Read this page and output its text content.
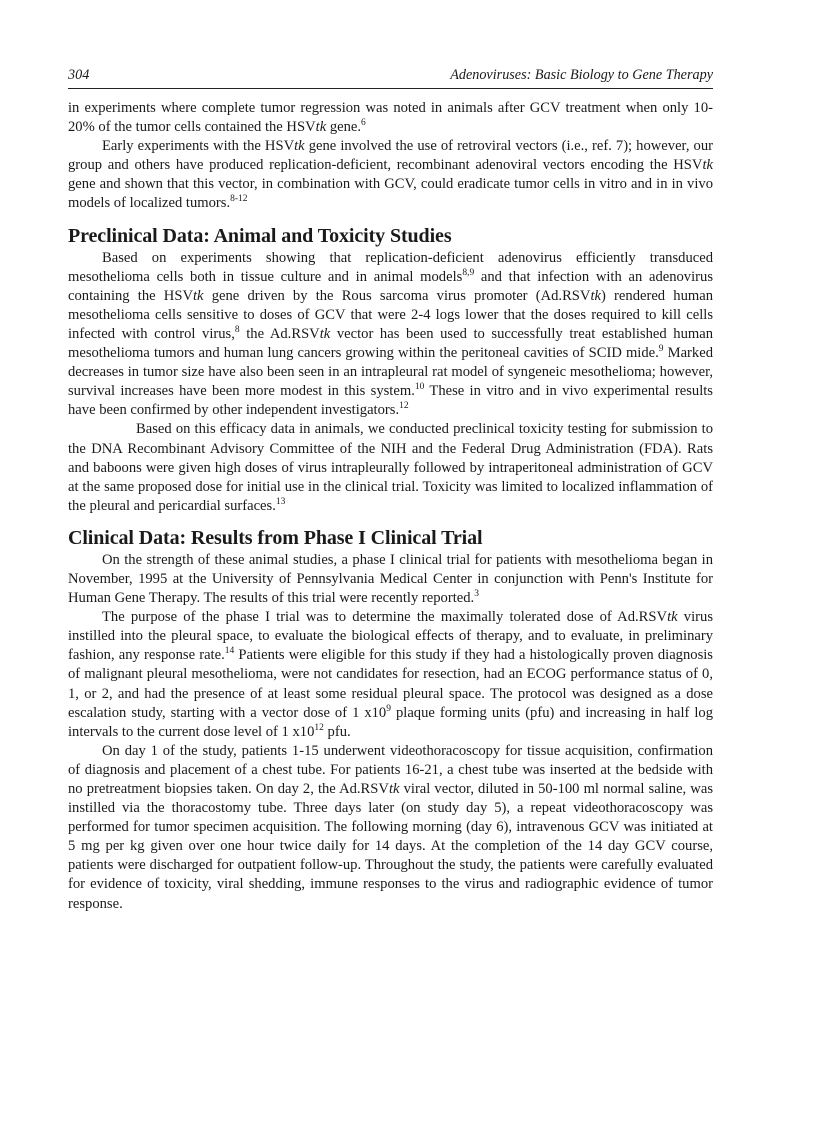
304	Adenoviruses: Basic Biology to Gene Therapy

in experiments where complete tumor regression was noted in animals after GCV treatment when only 10-20% of the tumor cells contained the HSVtk gene.$^6$

Early experiments with the HSVtk gene involved the use of retroviral vectors (i.e., ref. 7); however, our group and others have produced replication-deficient, recombinant adenoviral vectors encoding the HSVtk gene and shown that this vector, in combination with GCV, could eradicate tumor cells in vitro and in in vivo models of localized tumors.$^{8-12}$

Preclinical Data: Animal and Toxicity Studies

Based on experiments showing that replication-deficient adenovirus efficiently transduced mesothelioma cells both in tissue culture and in animal models$^{8,9}$ and that infection with an adenovirus containing the HSVtk gene driven by the Rous sarcoma virus promoter (Ad.RSVtk) rendered human mesothelioma cells sensitive to doses of GCV that were 2-4 logs lower that the doses required to kill cells infected with control virus,$^8$ the Ad.RSVtk vector has been used to successfully treat established human mesothelioma tumors and human lung cancers growing within the peritoneal cavities of SCID mide.$^9$ Marked decreases in tumor size have also been seen in an intrapleural rat model of syngeneic mesothelioma; however, survival increases have been more modest in this system.$^{10}$ These in vitro and in vivo experimental results have been confirmed by other independent investigators.$^{12}$

Based on this efficacy data in animals, we conducted preclinical toxicity testing for submission to the DNA Recombinant Advisory Committee of the NIH and the Federal Drug Administration (FDA). Rats and baboons were given high doses of virus intrapleurally followed by intraperitoneal administration of GCV at the same proposed dose for initial use in the clinical trial. Toxicity was limited to localized inflammation of the pleural and pericardial surfaces.$^{13}$

Clinical Data: Results from Phase I Clinical Trial

On the strength of these animal studies, a phase I clinical trial for patients with mesothelioma began in November, 1995 at the University of Pennsylvania Medical Center in conjunction with Penn's Institute for Human Gene Therapy. The results of this trial were recently reported.$^3$

The purpose of the phase I trial was to determine the maximally tolerated dose of Ad.RSVtk virus instilled into the pleural space, to evaluate the biological effects of therapy, and to evaluate, in preliminary fashion, any response rate.$^{14}$ Patients were eligible for this study if they had a histologically proven diagnosis of malignant pleural mesothelioma, were not candidates for resection, had an ECOG performance status of 0, 1, or 2, and had the presence of at least some residual pleural space. The protocol was designed as a dose escalation study, starting with a vector dose of 1 $x10^9$ plaque forming units (pfu) and increasing in half log intervals to the current dose level of 1 $x10^{12}$ pfu.

On day 1 of the study, patients 1-15 underwent videothoracoscopy for tissue acquisition, confirmation of diagnosis and placement of a chest tube. For patients 16-21, a chest tube was inserted at the bedside with no pretreatment biopsies taken. On day 2, the Ad.RSVtk viral vector, diluted in 50-100 ml normal saline, was instilled via the thoracostomy tube. Three days later (on study day 5), a repeat videothoracoscopy was performed for tumor specimen acquisition. The following morning (day 6), intravenous GCV was initiated at 5 mg per kg given over one hour twice daily for 14 days. At the completion of the 14 day GCV course, patients were discharged for outpatient follow-up. Throughout the study, the patients were carefully evaluated for evidence of toxicity, viral shedding, immune responses to the virus and radiographic evidence of tumor response.
